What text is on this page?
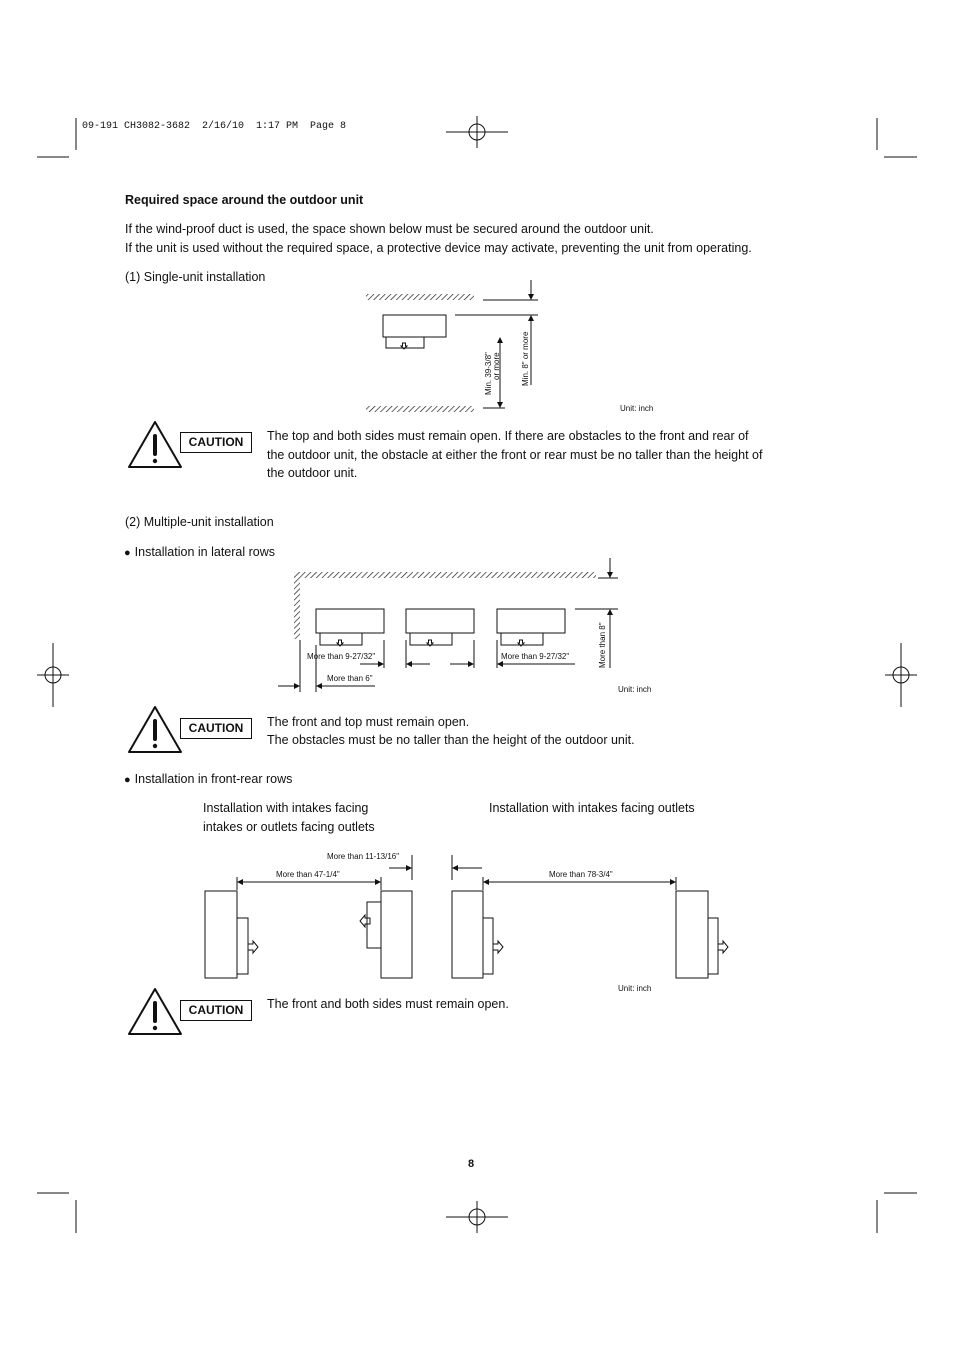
09-191 CH3082-3682  2/16/10  1:17 PM  Page 8
Required space around the outdoor unit
If the wind-proof duct is used, the space shown below must be secured around the outdoor unit.
If the unit is used without the required space, a protective device may activate, preventing the unit from operating.
(1) Single-unit installation
Min. 39-3/8" or more	Min. 8" or more
Unit: inch
CAUTION	The top and both sides must remain open. If there are obstacles to the front and rear of
the outdoor unit, the obstacle at either the front or rear must be no taller than the height of
the outdoor unit.
(2) Multiple-unit installation
● Installation in lateral rows
More than 9-27/32"	More than 9-27/32"
More than 6"
More than 8"
Unit: inch
CAUTION	The front and top must remain open.
The obstacles must be no taller than the height of the outdoor unit.
● Installation in front-rear rows
Installation with intakes facing
intakes or outlets facing outlets
Installation with intakes facing outlets
More than 11-13/16"
More than 47-1/4"	More than 78-3/4"
Unit: inch
CAUTION	The front and both sides must remain open.
8
